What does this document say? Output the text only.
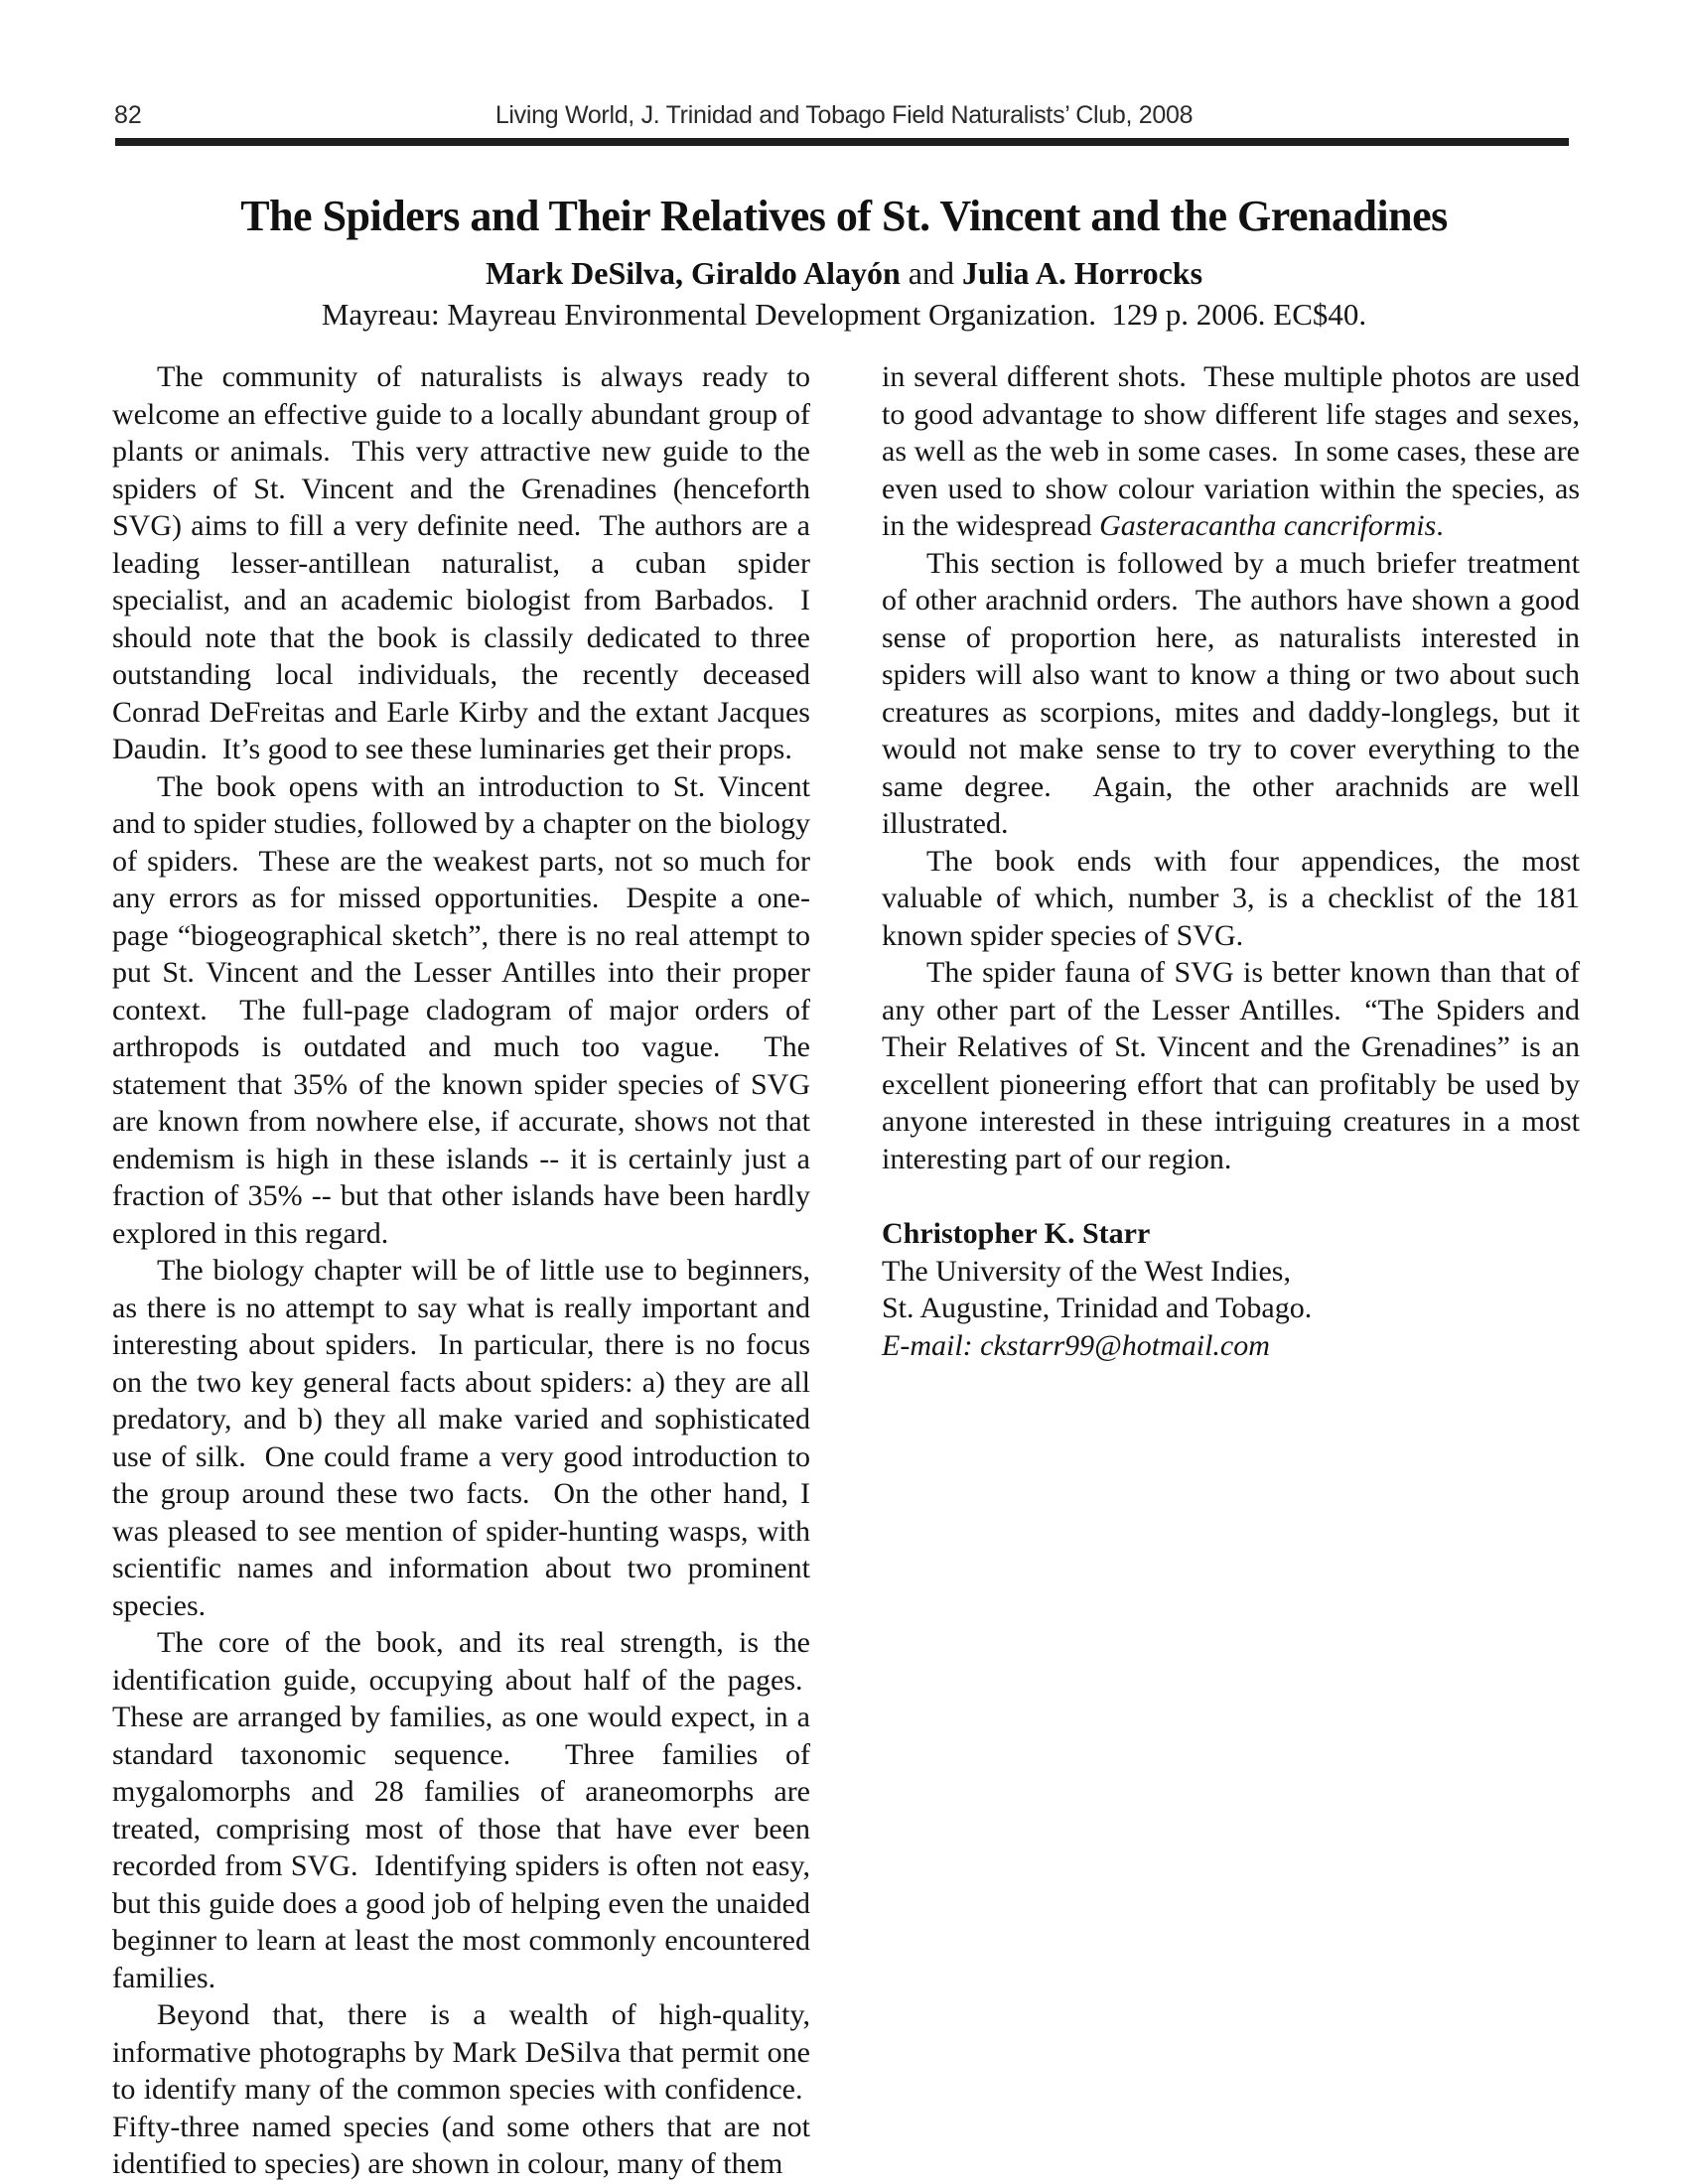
82	Living World, J. Trinidad and Tobago Field Naturalists’ Club, 2008
The Spiders and Their Relatives of St. Vincent and the Grenadines
Mark DeSilva, Giraldo Alayón and Julia A. Horrocks
Mayreau: Mayreau Environmental Development Organization.  129 p. 2006. EC$40.

The community of naturalists is always ready to welcome an effective guide to a locally abundant group of plants or animals.  This very attractive new guide to the spiders of St. Vincent and the Grenadines (henceforth SVG) aims to fill a very definite need.  The authors are a leading lesser-antillean naturalist, a cuban spider specialist, and an academic biologist from Barbados.  I should note that the book is classily dedicated to three outstanding local individuals, the recently deceased Conrad DeFreitas and Earle Kirby and the extant Jacques Daudin.  It’s good to see these luminaries get their props.

The book opens with an introduction to St. Vincent and to spider studies, followed by a chapter on the biology of spiders.  These are the weakest parts, not so much for any errors as for missed opportunities.  Despite a one-page “biogeographical sketch”, there is no real attempt to put St. Vincent and the Lesser Antilles into their proper context.  The full-page cladogram of major orders of arthropods is outdated and much too vague.  The statement that 35% of the known spider species of SVG are known from nowhere else, if accurate, shows not that endemism is high in these islands -- it is certainly just a fraction of 35% -- but that other islands have been hardly explored in this regard.

The biology chapter will be of little use to beginners, as there is no attempt to say what is really important and interesting about spiders.  In particular, there is no focus on the two key general facts about spiders: a) they are all predatory, and b) they all make varied and sophisticated use of silk.  One could frame a very good introduction to the group around these two facts.  On the other hand, I was pleased to see mention of spider-hunting wasps, with scientific names and information about two prominent species.

The core of the book, and its real strength, is the identification guide, occupying about half of the pages.  These are arranged by families, as one would expect, in a standard taxonomic sequence.  Three families of mygalomorphs and 28 families of araneomorphs are treated, comprising most of those that have ever been recorded from SVG.  Identifying spiders is often not easy, but this guide does a good job of helping even the unaided beginner to learn at least the most commonly encountered families.

Beyond that, there is a wealth of high-quality, informative photographs by Mark DeSilva that permit one to identify many of the common species with confidence.  Fifty-three named species (and some others that are not identified to species) are shown in colour, many of them

in several different shots.  These multiple photos are used to good advantage to show different life stages and sexes, as well as the web in some cases.  In some cases, these are even used to show colour variation within the species, as in the widespread Gasteracantha cancriformis.

This section is followed by a much briefer treatment of other arachnid orders.  The authors have shown a good sense of proportion here, as naturalists interested in spiders will also want to know a thing or two about such creatures as scorpions, mites and daddy-longlegs, but it would not make sense to try to cover everything to the same degree.  Again, the other arachnids are well illustrated.

The book ends with four appendices, the most valuable of which, number 3, is a checklist of the 181 known spider species of SVG.

The spider fauna of SVG is better known than that of any other part of the Lesser Antilles.  “The Spiders and Their Relatives of St. Vincent and the Grenadines” is an excellent pioneering effort that can profitably be used by anyone interested in these intriguing creatures in a most interesting part of our region.

Christopher K. Starr

The University of the West Indies,

St. Augustine, Trinidad and Tobago.

E-mail: ckstarr99@hotmail.com
